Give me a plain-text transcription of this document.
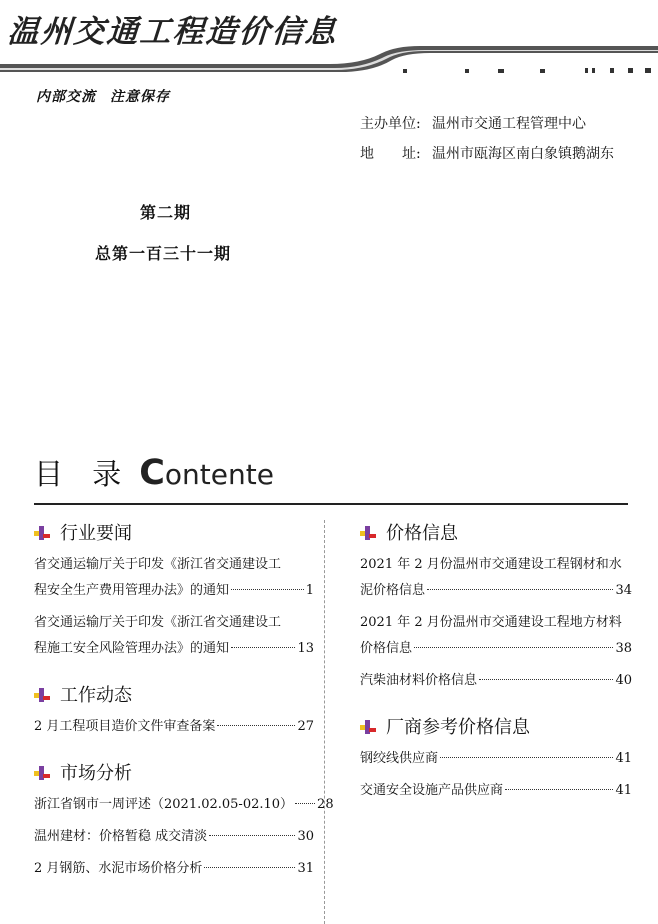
温州交通工程造价信息
内部交流 注意保存
主办单位: 温州市交通工程管理中心
地　　址: 温州市瓯海区南白象镇鹅湖东
第二期
总第一百三十一期
目 录 Contente
行业要闻
省交通运输厅关于印发《浙江省交通建设工
程安全生产费用管理办法》的通知	1
省交通运输厅关于印发《浙江省交通建设工
程施工安全风险管理办法》的通知	13
工作动态
2 月工程项目造价文件审查备案	27
市场分析
浙江省钢市一周评述（2021.02.05-02.10） 28
温州建材：价格暂稳 成交清淡	30
2 月钢筋、水泥市场价格分析	31
价格信息
2021 年 2 月份温州市交通建设工程钢材和水
泥价格信息	34
2021 年 2 月份温州市交通建设工程地方材料
价格信息	38
汽柴油材料价格信息	40
厂商参考价格信息
钢绞线供应商	41
交通安全设施产品供应商	41
